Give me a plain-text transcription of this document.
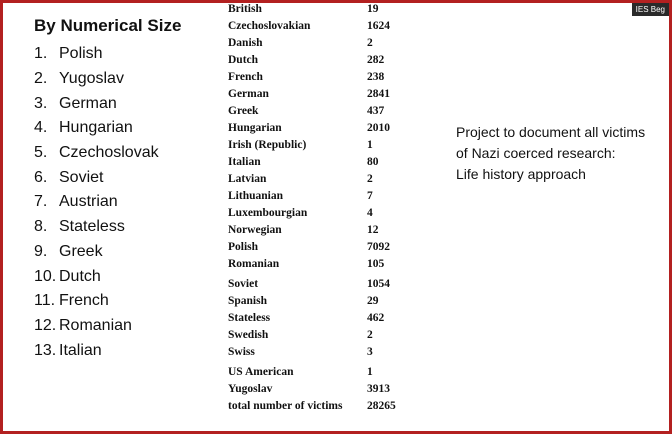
IES Beg
By Numerical Size
1. Polish
2. Yugoslav
3. German
4. Hungarian
5. Czechoslovak
6. Soviet
7. Austrian
8. Stateless
9. Greek
10. Dutch
11. French
12. Romanian
13. Italian
British	19
Czechoslovakian	1624
Danish	2
Dutch	282
French	238
German	2841
Greek	437
Hungarian	2010
Irish (Republic)	1
Italian	80
Latvian	2
Lithuanian	7
Luxembourgian	4
Norwegian	12
Polish	7092
Romanian	105
Soviet	1054
Spanish	29
Stateless	462
Swedish	2
Swiss	3
US American	1
Yugoslav	3913
total number of victims 28265
Project to document all victims
of Nazi coerced research:
Life history approach
